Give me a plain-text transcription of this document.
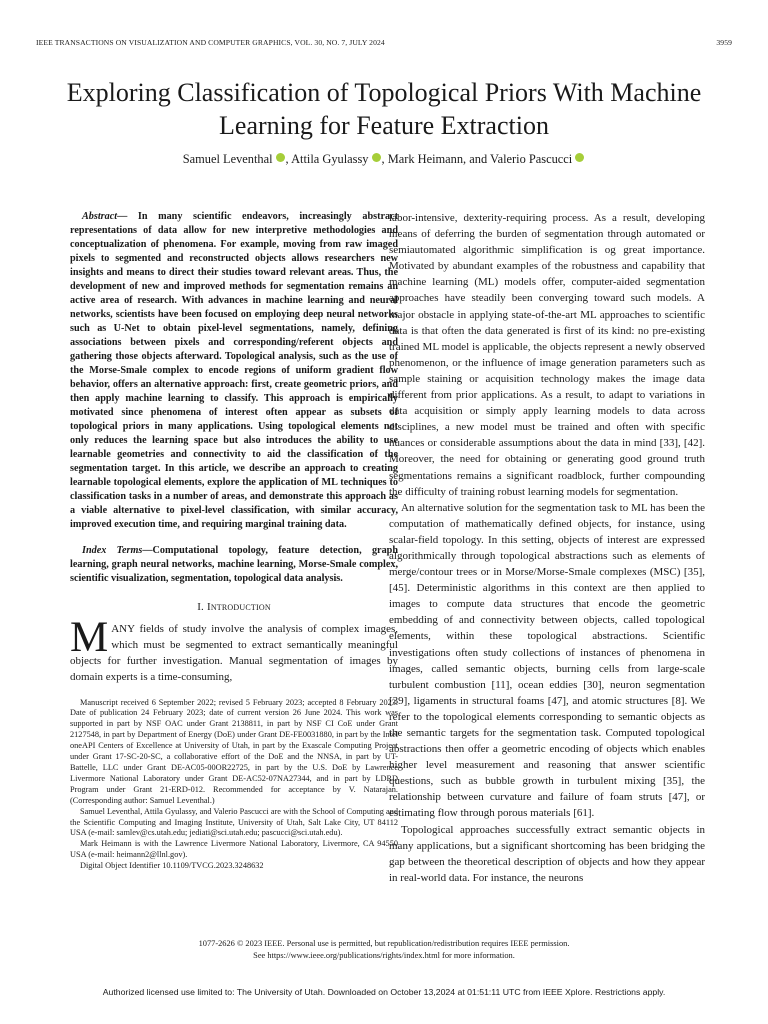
IEEE TRANSACTIONS ON VISUALIZATION AND COMPUTER GRAPHICS, VOL. 30, NO. 7, JULY 2024	3959
Exploring Classification of Topological Priors With Machine Learning for Feature Extraction
Samuel Leventhal , Attila Gyulassy , Mark Heimann, and Valerio Pascucci

Abstract— In many scientific endeavors, increasingly abstract representations of data allow for new interpretive methodologies and conceptualization of phenomena. For example, moving from raw imaged pixels to segmented and reconstructed objects allows researchers new insights and means to direct their studies toward relevant areas. Thus, the development of new and improved methods for segmentation remains an active area of research. With advances in machine learning and neural networks, scientists have been focused on employing deep neural networks such as U-Net to obtain pixel-level segmentations, namely, defining associations between pixels and corresponding/referent objects and gathering those objects afterward. Topological analysis, such as the use of the Morse-Smale complex to encode regions of uniform gradient flow behavior, offers an alternative approach: first, create geometric priors, and then apply machine learning to classify. This approach is empirically motivated since phenomena of interest often appear as subsets of topological priors in many applications. Using topological elements not only reduces the learning space but also introduces the ability to use learnable geometries and connectivity to aid the classification of the segmentation target. In this article, we describe an approach to creating learnable topological elements, explore the application of ML techniques to classification tasks in a number of areas, and demonstrate this approach as a viable alternative to pixel-level classification, with similar accuracy, improved execution time, and requiring marginal training data.

Index Terms—Computational topology, feature detection, graph learning, graph neural networks, machine learning, Morse-Smale complex, scientific visualization, segmentation, topological data analysis.

I. Introduction

MANY fields of study involve the analysis of complex images, which must be segmented to extract semantically meaningful objects for further investigation. Manual segmentation of images by domain experts is a time-consuming,

Manuscript received 6 September 2022; revised 5 February 2023; accepted 8 February 2023. Date of publication 24 February 2023; date of current version 26 June 2024. This work was supported in part by NSF OAC under Grant 2138811, in part by NSF CI CoE under Grant 2127548, in part by Department of Energy (DoE) under Grant DE-FE0031880, in part by the Intel oneAPI Centers of Excellence at University of Utah, in part by the Exascale Computing Project under Grant 17-SC-20-SC, a collaborative effort of the DoE and the NNSA, in part by UT-Battelle, LLC under Grant DE-AC05-00OR22725, in part by the U.S. DoE by Lawrence Livermore National Laboratory under Grant DE-AC52-07NA27344, and in part by LDRD Program under Grant 21-ERD-012. Recommended for acceptance by V. Natarajan. (Corresponding author: Samuel Leventhal.)

Samuel Leventhal, Attila Gyulassy, and Valerio Pascucci are with the School of Computing and the Scientific Computing and Imaging Institute, University of Utah, Salt Lake City, UT 84112 USA (e-mail: samlev@cs.utah.edu; jediati@sci.utah.edu; pascucci@sci.utah.edu).

Mark Heimann is with the Lawrence Livermore National Laboratory, Livermore, CA 94550 USA (e-mail: heimann2@llnl.gov).

Digital Object Identifier 10.1109/TVCG.2023.3248632

labor-intensive, dexterity-requiring process. As a result, developing means of deferring the burden of segmentation through automated or semiautomated algorithmic simplification is og great importance. Motivated by abundant examples of the robustness and capability that machine learning (ML) models offer, computer-aided segmentation approaches have steadily been converging toward such models. A major obstacle in applying state-of-the-art ML approaches to scientific data is that often the data generated is first of its kind: no pre-existing trained ML model is applicable, the objects represent a newly observed phenomenon, or the influence of image generation parameters such as sample staining or acquisition technology makes the image data different from prior applications. As a result, to adapt to variations in data acquisition or simply apply learning models to data across disciplines, a new model must be trained and often with specific nuances or considerable assumptions about the data in mind [33], [42]. Moreover, the need for obtaining or generating good ground truth segmentations remains a significant roadblock, further compounding the difficulty of training robust learning models for segmentation.

An alternative solution for the segmentation task to ML has been the computation of mathematically defined objects, for instance, using scalar-field topology. In this setting, objects of interest are expressed algorithmically through topological abstractions such as elements of merge/contour trees or in Morse/Morse-Smale complexes (MSC) [35], [45]. Deterministic algorithms in this context are then applied to images to compute data structures that encode the geometric embedding of and connectivity between objects, called topological elements, within these topological abstractions. Scientific investigations often study collections of instances of phenomena in images, called semantic objects, burning cells from large-scale turbulent combustion [11], ocean eddies [30], neuron segmentation [39], ligaments in structural foams [47], and atomic structures [8]. We refer to the topological elements corresponding to semantic objects as the semantic targets for the segmentation task. Computed topological abstractions then offer a geometric encoding of objects which enables higher level measurement and reasoning that answer scientific questions, such as bubble growth in turbulent mixing [35], the relationship between curvature and failure of foam struts [47], or estimating flow through porous materials [61].

Topological approaches successfully extract semantic objects in many applications, but a significant shortcoming has been bridging the gap between the theoretical description of objects and how they appear in real-world data. For instance, the neurons

1077-2626 © 2023 IEEE. Personal use is permitted, but republication/redistribution requires IEEE permission.
See https://www.ieee.org/publications/rights/index.html for more information.
Authorized licensed use limited to: The University of Utah. Downloaded on October 13,2024 at 01:51:11 UTC from IEEE Xplore. Restrictions apply.
